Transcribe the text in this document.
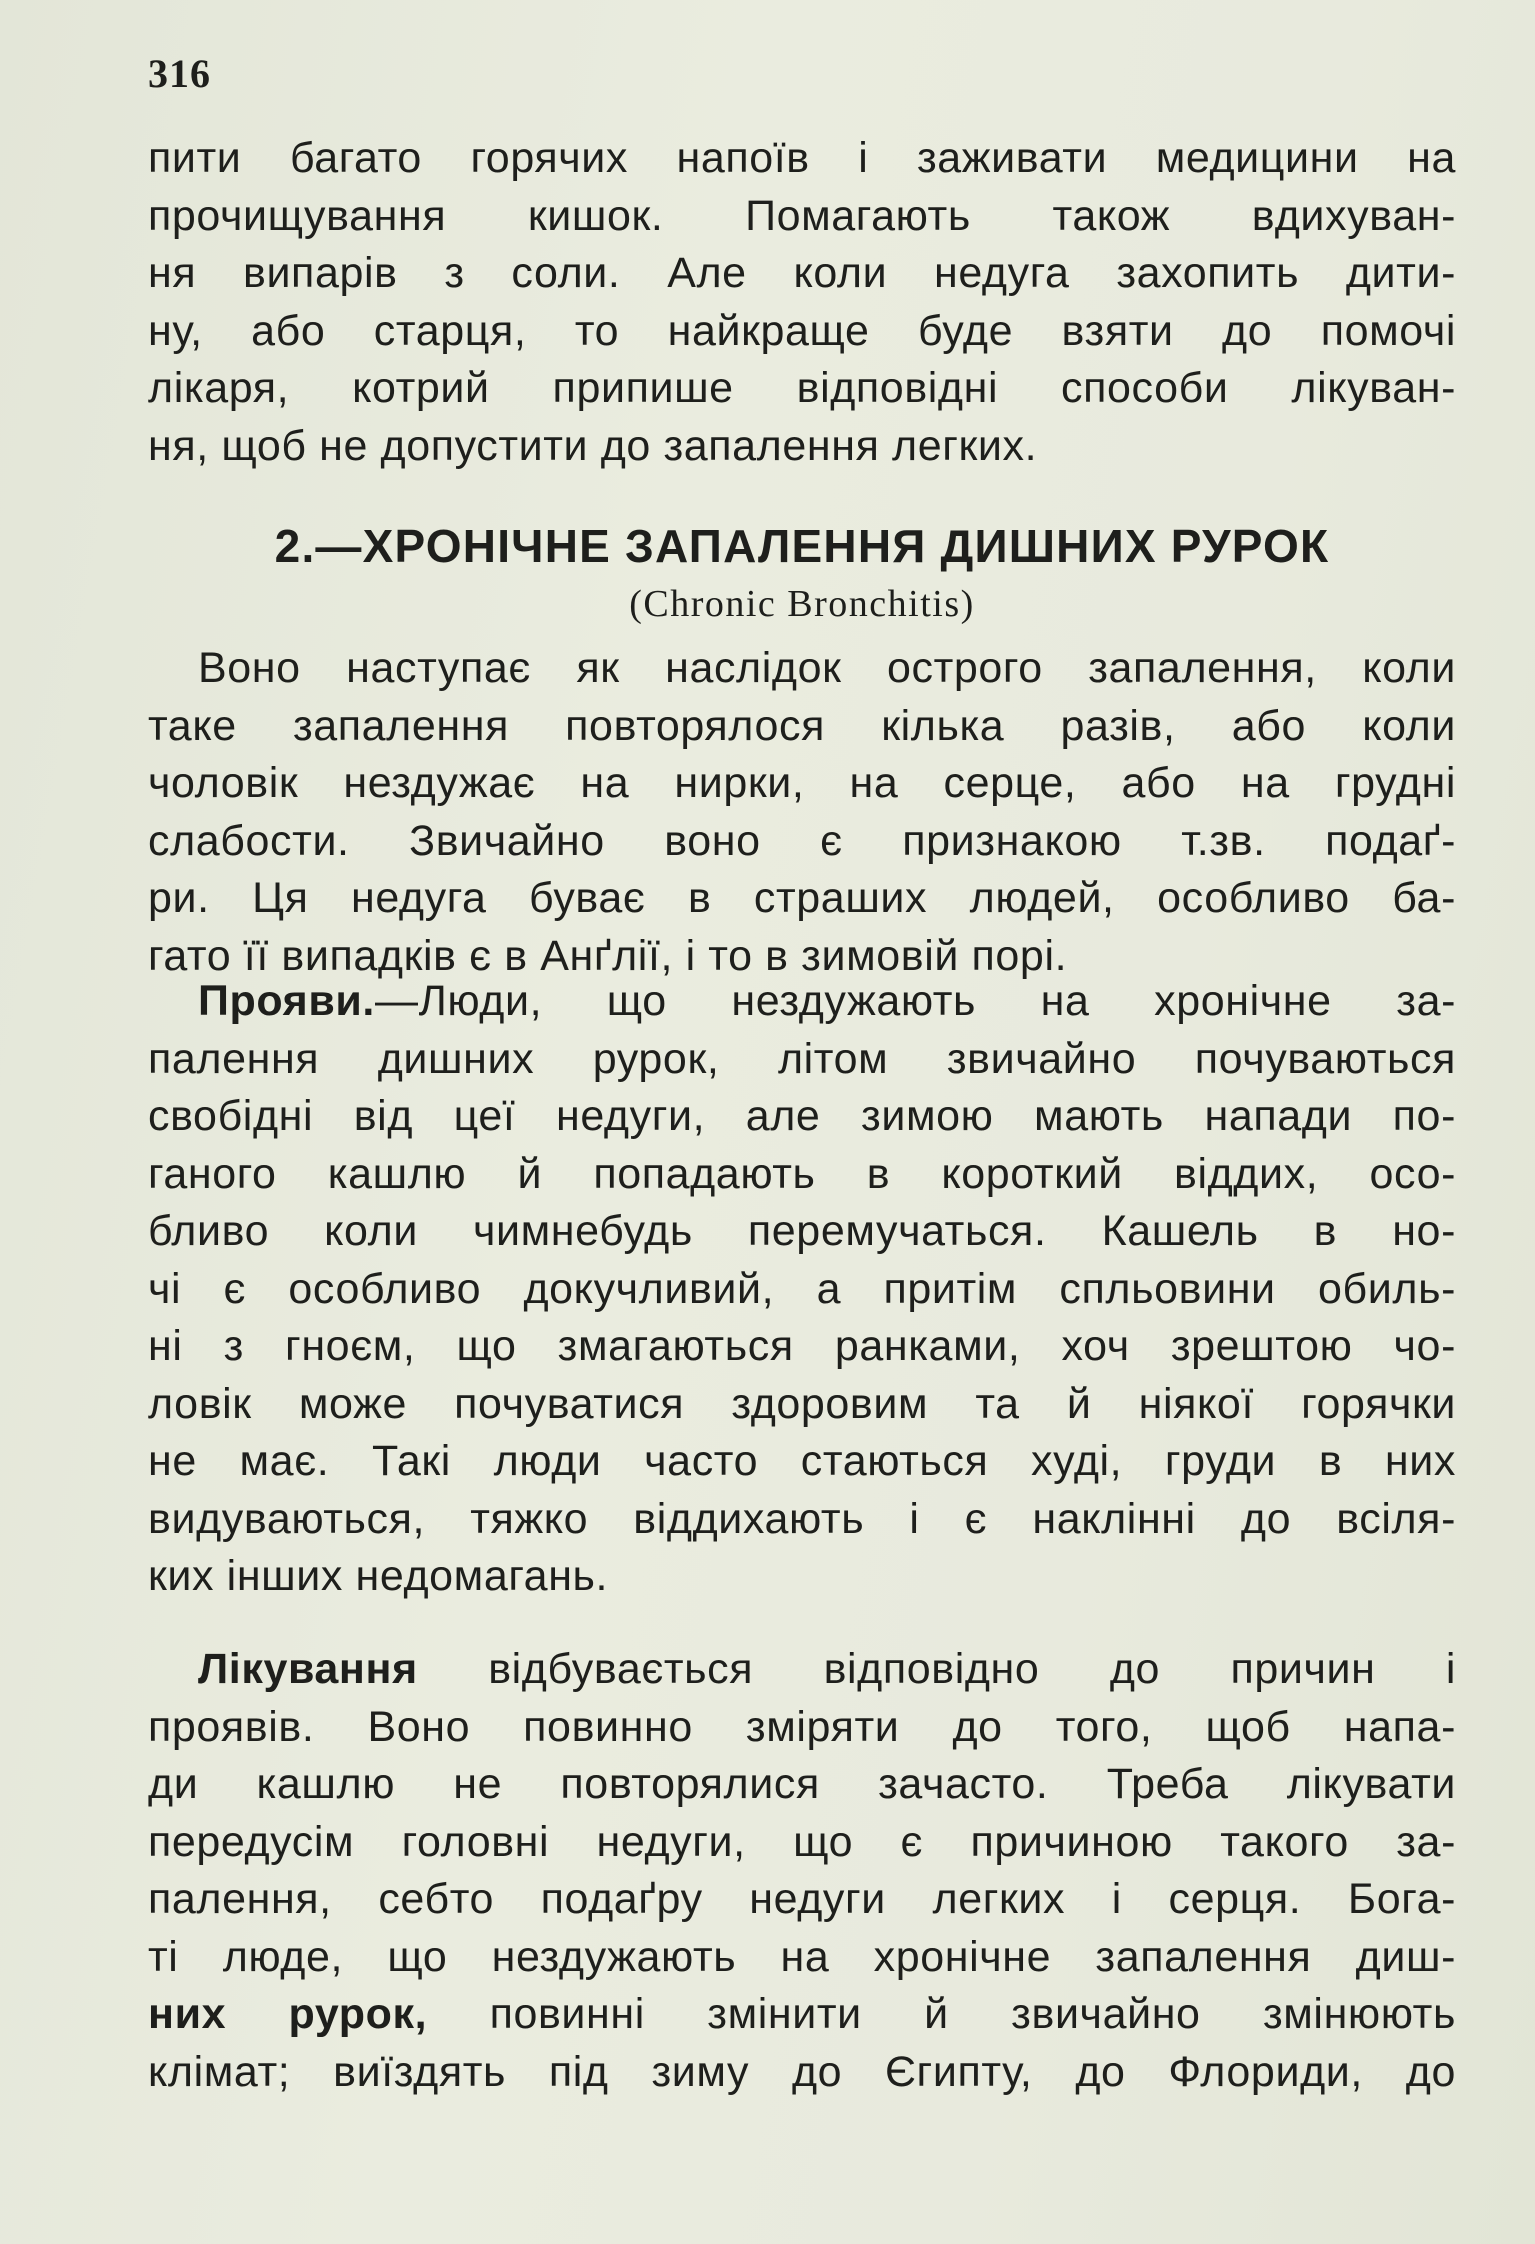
316
пити багато горячих напоїв і заживати медицини на
прочищування кишок. Помагають також вдихуван-
ня випарів з соли. Але коли недуга захопить дити-
ну, або старця, то найкраще буде взяти до помочі
лікаря, котрий припише відповідні способи лікуван-
ня, щоб не допустити до запалення легких.
2.—ХРОНІЧНЕ ЗАПАЛЕННЯ ДИШНИХ РУРОК
(Chronic Bronchitis)
Воно наступає як наслідок острого запалення, коли
таке запалення повторялося кілька разів, або коли
чоловік нездужає на нирки, на серце, або на грудні
слабости. Звичайно воно є признакою т.зв. подаґ-
ри. Ця недуга буває в страших людей, особливо ба-
гато її випадків є в Анґлії, і то в зимовій порі.
Прояви.—Люди, що нездужають на хронічне за-
палення дишних рурок, літом звичайно почуваються
свобідні від цеї недуги, але зимою мають напади по-
ганого кашлю й попадають в короткий віддих, осо-
бливо коли чимнебудь перемучаться. Кашель в но-
чі є особливо докучливий, а притім спльовини обиль-
ні з гноєм, що змагаються ранками, хоч зрештою чо-
ловік може почуватися здоровим та й ніякої горячки
не має. Такі люди часто стаються худі, груди в них
видуваються, тяжко віддихають і є наклінні до всіля-
ких інших недомагань.
Лікування відбувається відповідно до причин і
проявів. Воно повинно зміряти до того, щоб напа-
ди кашлю не повторялися зачасто. Треба лікувати
передусім головні недуги, що є причиною такого за-
палення, себто подаґру недуги легких і серця. Бога-
ті люде, що нездужають на хронічне запалення диш-
них рурок, повинні змінити й звичайно змінюють
клімат; виїздять під зиму до Єгипту, до Флориди, до
